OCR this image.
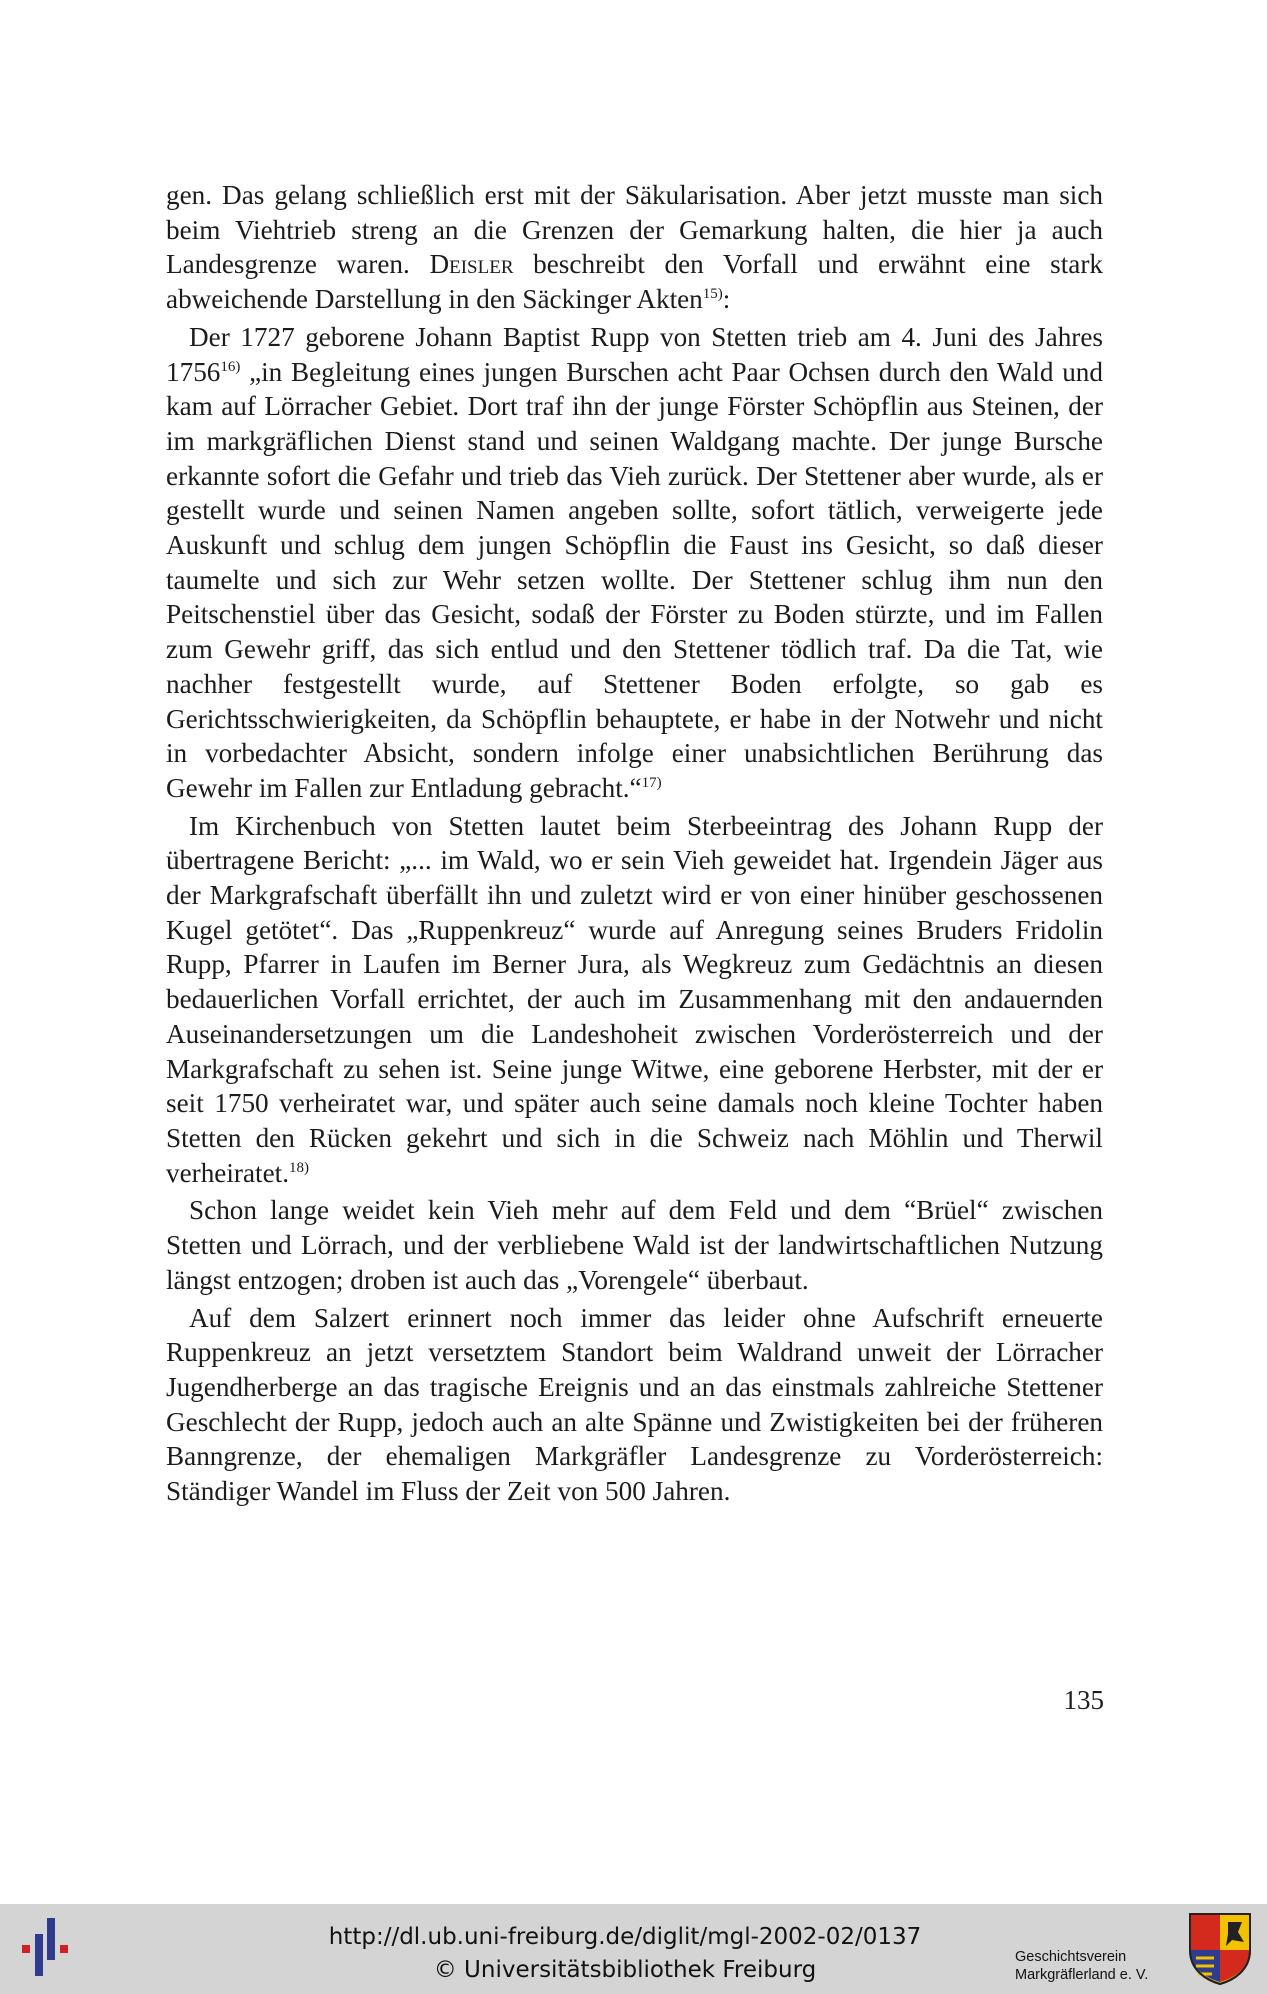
gen. Das gelang schließlich erst mit der Säkularisation. Aber jetzt musste man sich beim Viehtrieb streng an die Grenzen der Gemarkung halten, die hier ja auch Landesgrenze waren. Deisler beschreibt den Vorfall und erwähnt eine stark abweichende Darstellung in den Säckinger Akten$^{15)}$:

Der 1727 geborene Johann Baptist Rupp von Stetten trieb am 4. Juni des Jahres 1756$^{16)}$ „in Begleitung eines jungen Burschen acht Paar Ochsen durch den Wald und kam auf Lörracher Gebiet. Dort traf ihn der junge Förster Schöpflin aus Steinen, der im markgräflichen Dienst stand und seinen Waldgang machte. Der junge Bursche erkannte sofort die Gefahr und trieb das Vieh zurück. Der Stettener aber wurde, als er gestellt wurde und seinen Namen angeben sollte, sofort tätlich, verweigerte jede Auskunft und schlug dem jungen Schöpflin die Faust ins Gesicht, so daß dieser taumelte und sich zur Wehr setzen wollte. Der Stettener schlug ihm nun den Peitschenstiel über das Gesicht, sodaß der Förster zu Boden stürzte, und im Fallen zum Gewehr griff, das sich entlud und den Stettener tödlich traf. Da die Tat, wie nachher festgestellt wurde, auf Stettener Boden erfolgte, so gab es Gerichtsschwierigkeiten, da Schöpflin behauptete, er habe in der Notwehr und nicht in vorbedachter Absicht, sondern infolge einer unabsichtlichen Berührung das Gewehr im Fallen zur Entladung gebracht.“$^{17)}$

Im Kirchenbuch von Stetten lautet beim Sterbeeintrag des Johann Rupp der übertragene Bericht: „... im Wald, wo er sein Vieh geweidet hat. Irgendein Jäger aus der Markgrafschaft überfällt ihn und zuletzt wird er von einer hinüber geschossenen Kugel getötet“. Das „Ruppenkreuz“ wurde auf Anregung seines Bruders Fridolin Rupp, Pfarrer in Laufen im Berner Jura, als Wegkreuz zum Gedächtnis an diesen bedauerlichen Vorfall errichtet, der auch im Zusammenhang mit den andauernden Auseinandersetzungen um die Landeshoheit zwischen Vorderösterreich und der Markgrafschaft zu sehen ist. Seine junge Witwe, eine geborene Herbster, mit der er seit 1750 verheiratet war, und später auch seine damals noch kleine Tochter haben Stetten den Rücken gekehrt und sich in die Schweiz nach Möhlin und Therwil verheiratet.$^{18)}$

Schon lange weidet kein Vieh mehr auf dem Feld und dem “Brüel“ zwischen Stetten und Lörrach, und der verbliebene Wald ist der landwirtschaftlichen Nutzung längst entzogen; droben ist auch das „Vorengele“ überbaut.

Auf dem Salzert erinnert noch immer das leider ohne Aufschrift erneuerte Ruppenkreuz an jetzt versetztem Standort beim Waldrand unweit der Lörracher Jugendherberge an das tragische Ereignis und an das einstmals zahlreiche Stettener Geschlecht der Rupp, jedoch auch an alte Spänne und Zwistigkeiten bei der früheren Banngrenze, der ehemaligen Markgräfler Landesgrenze zu Vorderösterreich: Ständiger Wandel im Fluss der Zeit von 500 Jahren.

135
http://dl.ub.uni-freiburg.de/diglit/mgl-2002-02/0137
© Universitätsbibliothek Freiburg	Geschichtsverein
Markgräflerland e. V.
